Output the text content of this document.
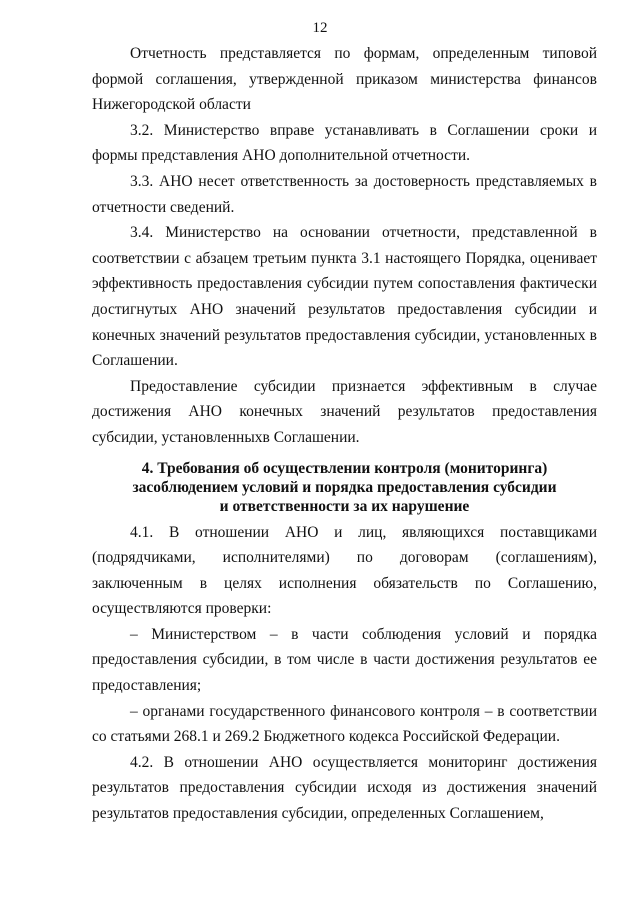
12

Отчетность представляется по формам, определенным типовой формой соглашения, утвержденной приказом министерства финансов Нижегородской области

3.2. Министерство вправе устанавливать в Соглашении сроки и формы представления АНО дополнительной отчетности.

3.3. АНО несет ответственность за достоверность представляемых в отчетности сведений.

3.4. Министерство на основании отчетности, представленной в соответствии с абзацем третьим пункта 3.1 настоящего Порядка, оценивает эффективность предоставления субсидии путем сопоставления фактически достигнутых АНО значений результатов предоставления субсидии и конечных значений результатов предоставления субсидии, установленных в Соглашении.

Предоставление субсидии признается эффективным в случае достижения АНО конечных значений результатов предоставления субсидии, установленныхв Соглашении.

4. Требования об осуществлении контроля (мониторинга)
засоблюдением условий и порядка предоставления субсидии
и ответственности за их нарушение

4.1. В отношении АНО и лиц, являющихся поставщиками (подрядчиками, исполнителями) по договорам (соглашениям), заключенным в целях исполнения обязательств по Соглашению, осуществляются проверки:

– Министерством – в части соблюдения условий и порядка предоставления субсидии, в том числе в части достижения результатов ее предоставления;

– органами государственного финансового контроля – в соответствии со статьями 268.1 и 269.2 Бюджетного кодекса Российской Федерации.

4.2. В отношении АНО осуществляется мониторинг достижения результатов предоставления субсидии исходя из достижения значений результатов предоставления субсидии, определенных Соглашением,
